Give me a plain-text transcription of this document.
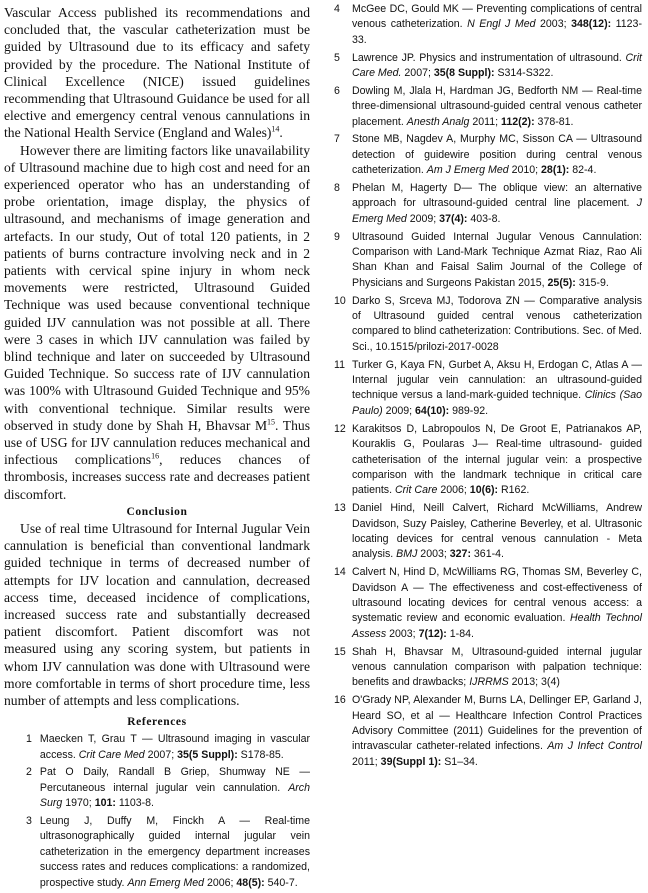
Vascular Access published its recommendations and concluded that, the vascular catheterization must be guided by Ultrasound due to its efficacy and safety provided by the procedure. The National Institute of Clinical Excellence (NICE) issued guidelines recommending that Ultrasound Guidance be used for all elective and emergency central venous cannulations in the National Health Service (England and Wales)$^{14}$.

However there are limiting factors like unavailability of Ultrasound machine due to high cost and need for an experienced operator who has an understanding of probe orientation, image display, the physics of ultrasound, and mechanisms of image generation and artefacts. In our study, Out of total 120 patients, in 2 patients of burns contracture involving neck and in 2 patients with cervical spine injury in whom neck movements were restricted, Ultrasound Guided Technique was used because conventional technique guided IJV cannulation was not possible at all. There were 3 cases in which IJV cannulation was failed by blind technique and later on succeeded by Ultrasound Guided Technique. So success rate of IJV cannulation was 100% with Ultrasound Guided Technique and 95% with conventional technique. Similar results were observed in study done by Shah H, Bhavsar $M^{15}$. Thus use of USG for IJV cannulation reduces mechanical and infectious complications$^{16}$, reduces chances of thrombosis, increases success rate and decreases patient discomfort.

Conclusion

Use of real time Ultrasound for Internal Jugular Vein cannulation is beneficial than conventional landmark guided technique in terms of decreased number of attempts for IJV location and cannulation, decreased access time, deceased incidence of complications, increased success rate and substantially decreased patient discomfort. Patient discomfort was not measured using any scoring system, but patients in whom IJV cannulation was done with Ultrasound were more comfortable in terms of short procedure time, less number of attempts and less complications.

References
1 Maecken T, Grau T — Ultrasound imaging in vascular access. Crit Care Med 2007; 35(5 Suppl): S178-85.
2 Pat O Daily, Randall B Griep, Shumway NE — Percutaneous internal jugular vein cannulation. Arch Surg 1970; 101: 1103-8.
3 Leung J, Duffy M, Finckh A — Real-time ultrasonographically guided internal jugular vein catheterization in the emergency department increases success rates and reduces complications: a randomized, prospective study. Ann Emerg Med 2006; 48(5): 540-7.
4	McGee DC, Gould MK — Preventing complications of central venous catheterization. N Engl J Med 2003; 348(12): 1123-33.
5	Lawrence JP. Physics and instrumentation of ultrasound. Crit Care Med. 2007; 35(8 Suppl): S314-S322.
6	Dowling M, Jlala H, Hardman JG, Bedforth NM — Real-time three-dimensional ultrasound-guided central venous catheter placement. Anesth Analg 2011; 112(2): 378-81.
7	Stone MB, Nagdev A, Murphy MC, Sisson CA — Ultrasound detection of guidewire position during central venous catheterization. Am J Emerg Med 2010; 28(1): 82-4.
8	Phelan M, Hagerty D— The oblique view: an alternative approach for ultrasound-guided central line placement. J Emerg Med 2009; 37(4): 403-8.
9	Ultrasound Guided Internal Jugular Venous Cannulation: Comparison with Land-Mark Technique Azmat Riaz, Rao Ali Shan Khan and Faisal Salim Journal of the College of Physicians and Surgeons Pakistan 2015, 25(5): 315-9.
10 Darko S, Srceva MJ, Todorova ZN — Comparative analysis of Ultrasound guided central venous catheterization compared to blind catheterization: Contributions. Sec. of Med. Sci., 10.1515/prilozi-2017-0028
11 Turker G, Kaya FN, Gurbet A, Aksu H, Erdogan C, Atlas A — Internal jugular vein cannulation: an ultrasound-guided technique versus a land-mark-guided technique. Clinics (Sao Paulo) 2009; 64(10): 989-92.
12 Karakitsos D, Labropoulos N, De Groot E, Patrianakos AP, Kouraklis G, Poularas J— Real-time ultrasound- guided catheterisation of the internal jugular vein: a prospective comparison with the landmark technique in critical care patients. Crit Care 2006; 10(6): R162.
13 Daniel Hind, Neill Calvert, Richard McWilliams, Andrew Davidson, Suzy Paisley, Catherine Beverley, et al. Ultrasonic locating devices for central venous cannulation - Meta analysis. BMJ 2003; 327: 361-4.
14 Calvert N, Hind D, McWilliams RG, Thomas SM, Beverley C, Davidson A — The effectiveness and cost-effectiveness of ultrasound locating devices for central venous access: a systematic review and economic evaluation. Health Technol Assess 2003; 7(12): 1-84.
15 Shah H, Bhavsar M, Ultrasound-guided internal jugular venous cannulation comparison with palpation technique: benefits and drawbacks; IJRRMS 2013; 3(4)
16 O'Grady NP, Alexander M, Burns LA, Dellinger EP, Garland J, Heard SO, et al — Healthcare Infection Control Practices Advisory Committee (2011) Guidelines for the prevention of intravascular catheter-related infections. Am J Infect Control 2011; 39(Suppl 1): S1–34.
